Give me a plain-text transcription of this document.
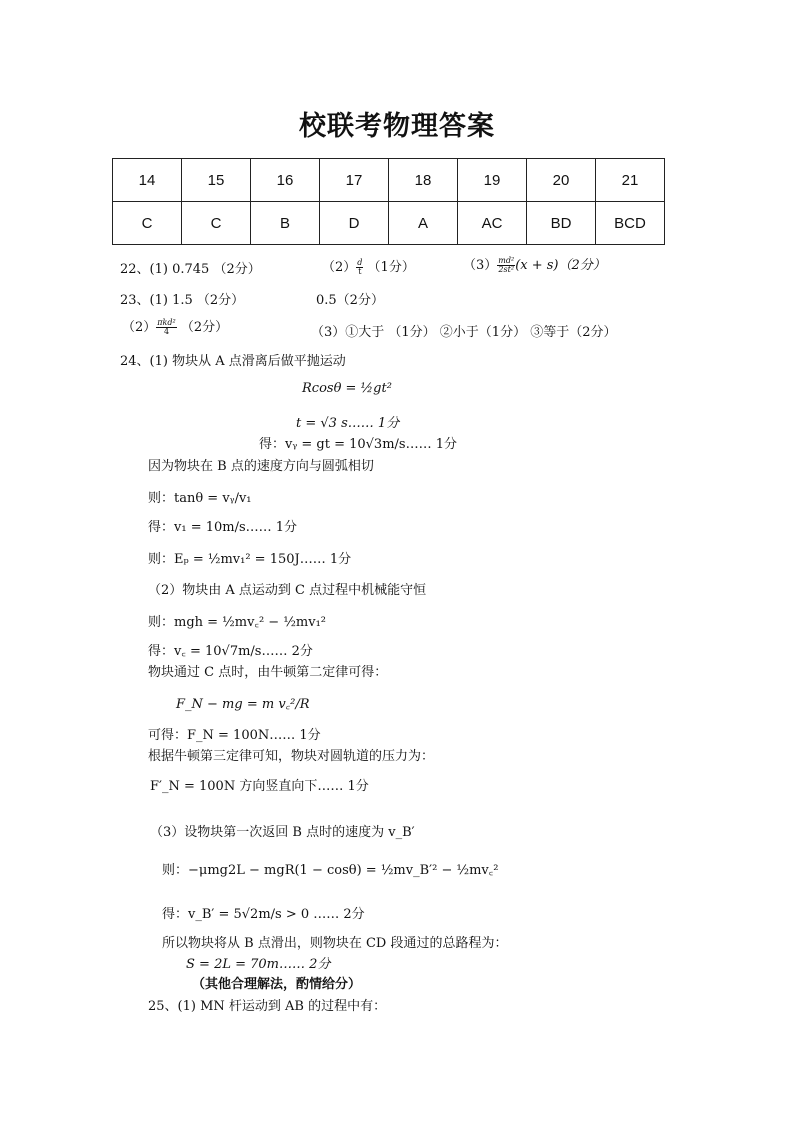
校联考物理答案
14	15	16	17	18	19	20	21
C	C	B	D	A	AC	BD	BCD
22、(1) 0.745 （2分）	$(2) \frac{d}{t} (1$分）	$(3) \frac{\text{md²}}{\text{2st²}} (x + s)(2$分）
23、(1) 1.5 （2分）	0.5（2分）
$(2) \frac{\text{πkd²}}{4} (2$分）	（3）①大于 （1分） ②小于（1分） ③等于（2分）
24、(1) 物块从 A 点滑离后做平抛运动
Rcosθ = ½gt²
t = √3 s…… 1分
得：vᵧ = gt = 10√3m/s…… 1分
因为物块在 B 点的速度方向与圆弧相切
则：tanθ = vᵧ/v₁
得：v₁ = 10m/s…… 1分
则：Eₚ = ½mv₁² = 150J…… 1分
（2）物块由 A 点运动到 C 点过程中机械能守恒
则：mgh = ½mv꜀² − ½mv₁²
得：v꜀ = 10√7m/s…… 2分
物块通过 C 点时，由牛顿第二定律可得：
F_N − mg = m v꜀²/R
可得：F_N = 100N…… 1分
根据牛顿第三定律可知，物块对圆轨道的压力为：
F′_N = 100N 方向竖直向下…… 1分
（3）设物块第一次返回 B 点时的速度为 v_B′
则：−μmg2L − mgR(1 − cosθ) = ½mv_B′² − ½mv꜀²
得：v_B′ = 5√2m/s > 0 …… 2分
所以物块将从 B 点滑出，则物块在 CD 段通过的总路程为：
S = 2L = 70m…… 2分
（其他合理解法，酌情给分）
25、(1) MN 杆运动到 AB 的过程中有：
